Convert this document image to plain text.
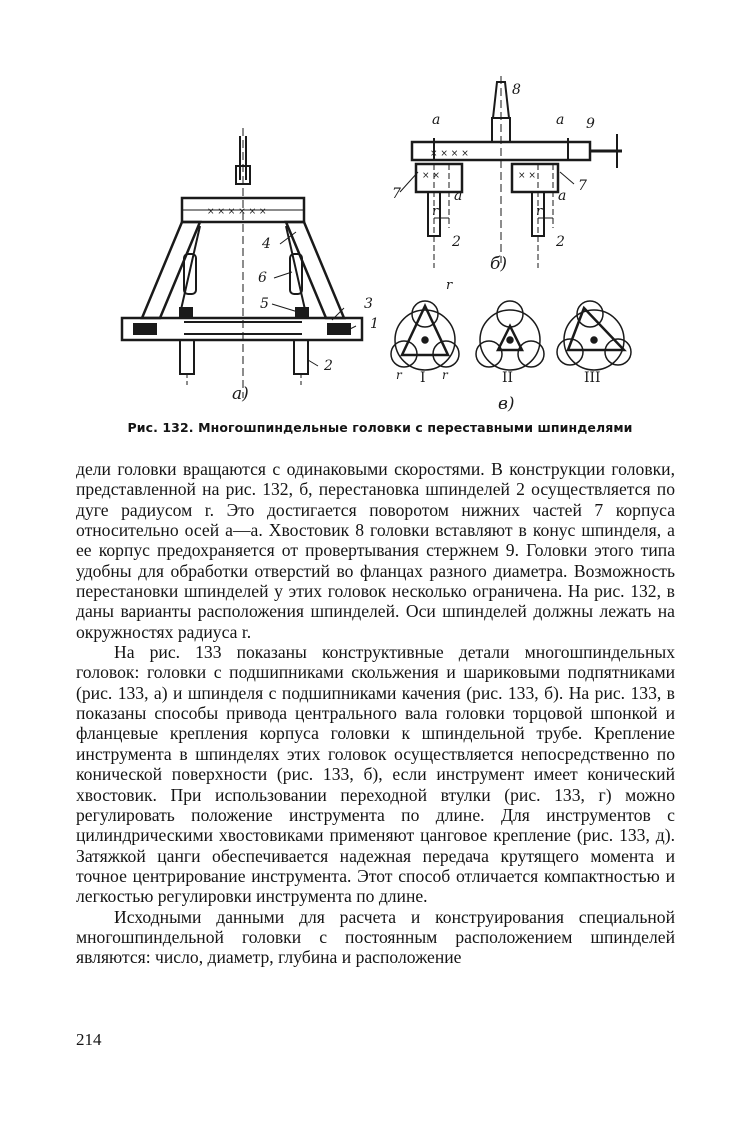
× × × × × ×
× × × ×
× ×	× ×
а)
б)
в)
1
2
3
4
5
6
8
a	a 9
7	7
a	a
r	r
2	2
r
r	r
I	II	III
Рис. 132. Многошпиндельные головки с переставными шпинделями

дели головки вращаются с одинаковыми скоростями. В конструкции головки, представленной на рис. 132, б, перестановка шпинделей 2 осуществляется по дуге радиусом r. Это достигается поворотом нижних частей 7 корпуса относительно осей а—а. Хвостовик 8 головки вставляют в конус шпинделя, а ее корпус предохраняется от провертывания стержнем 9. Головки этого типа удобны для обработки отверстий во фланцах разного диаметра. Возможность перестановки шпинделей у этих головок несколько ограничена. На рис. 132, в даны варианты расположения шпинделей. Оси шпинделей должны лежать на окружностях радиуса r.

На рис. 133 показаны конструктивные детали многошпиндельных головок: головки с подшипниками скольжения и шариковыми подпятниками (рис. 133, а) и шпинделя с подшипниками качения (рис. 133, б). На рис. 133, в показаны способы привода центрального вала головки торцовой шпонкой и фланцевые крепления корпуса головки к шпиндельной трубе. Крепление инструмента в шпинделях этих головок осуществляется непосредственно по конической поверхности (рис. 133, б), если инструмент имеет конический хвостовик. При использовании переходной втулки (рис. 133, г) можно регулировать положение инструмента по длине. Для инструментов с цилиндрическими хвостовиками применяют цанговое крепление (рис. 133, д). Затяжкой цанги обеспечивается надежная передача крутящего момента и точное центрирование инструмента. Этот способ отличается компактностью и легкостью регулировки инструмента по длине.

Исходными данными для расчета и конструирования специальной многошпиндельной головки с постоянным расположением шпинделей являются: число, диаметр, глубина и расположение

214
